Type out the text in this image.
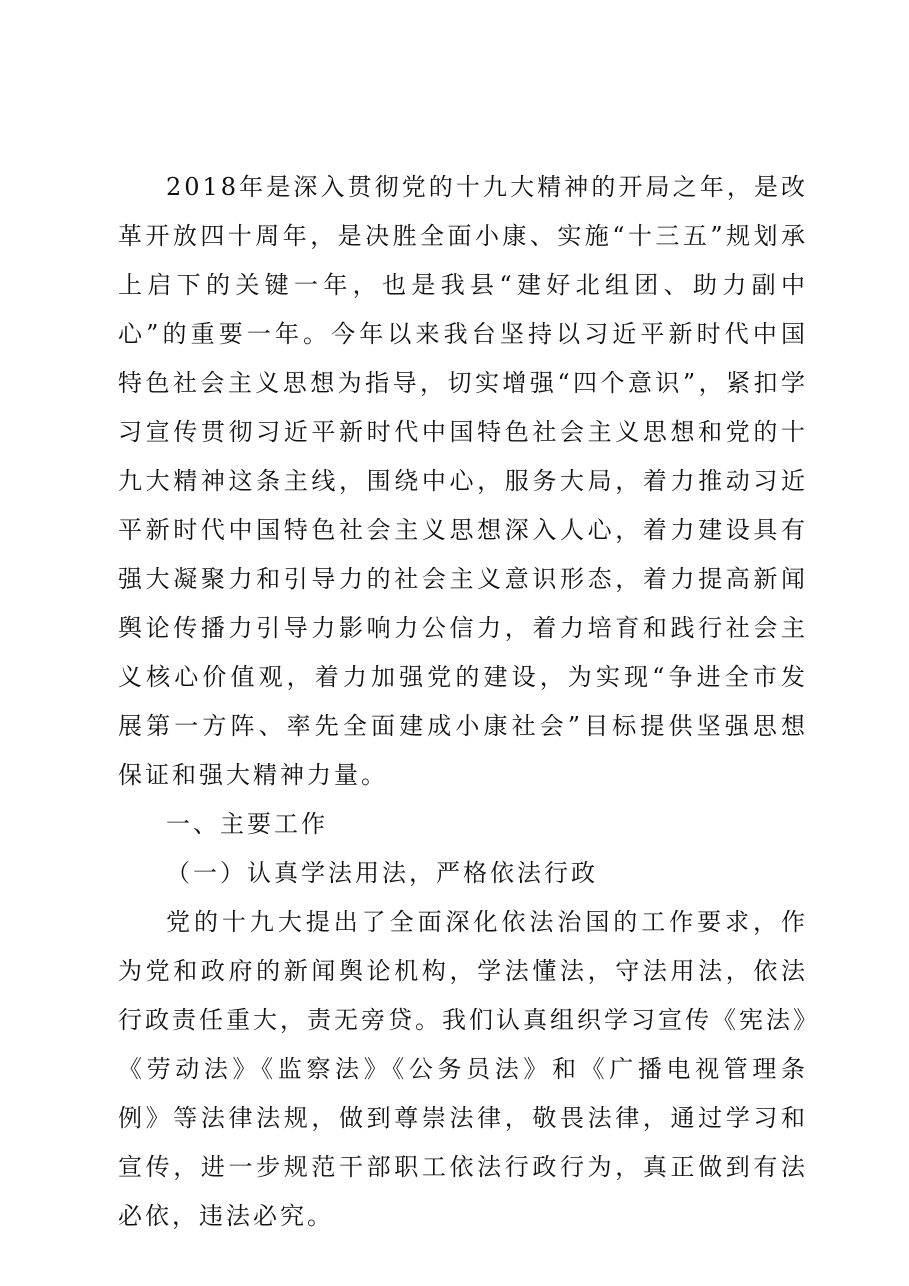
2018年是深入贯彻党的十九大精神的开局之年，是改革开放四十周年，是决胜全面小康、实施“十三五”规划承上启下的关键一年，也是我县“建好北组团、助力副中心”的重要一年。今年以来我台坚持以习近平新时代中国特色社会主义思想为指导，切实增强“四个意识”，紧扣学习宣传贯彻习近平新时代中国特色社会主义思想和党的十九大精神这条主线，围绕中心，服务大局，着力推动习近平新时代中国特色社会主义思想深入人心，着力建设具有强大凝聚力和引导力的社会主义意识形态，着力提高新闻舆论传播力引导力影响力公信力，着力培育和践行社会主义核心价值观，着力加强党的建设，为实现“争进全市发展第一方阵、率先全面建成小康社会”目标提供坚强思想保证和强大精神力量。

一、主要工作

（一）认真学法用法，严格依法行政

党的十九大提出了全面深化依法治国的工作要求，作为党和政府的新闻舆论机构，学法懂法，守法用法，依法行政责任重大，责无旁贷。我们认真组织学习宣传《宪法》《劳动法》《监察法》《公务员法》和《广播电视管理条例》等法律法规，做到尊崇法律，敬畏法律，通过学习和宣传，进一步规范干部职工依法行政行为，真正做到有法必依，违法必究。
